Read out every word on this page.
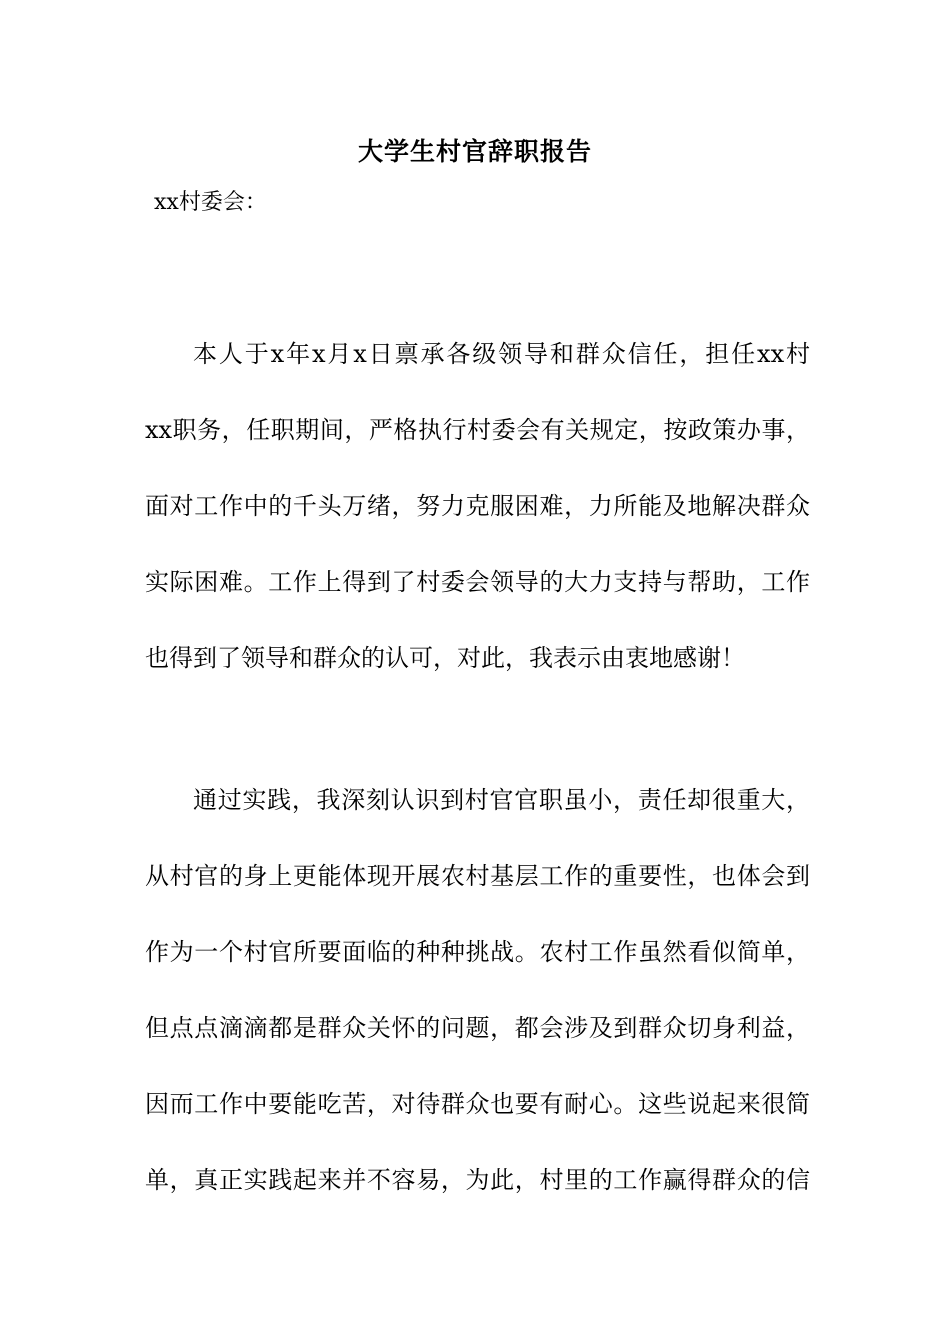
大学生村官辞职报告
xx村委会：
本人于x年x月x日禀承各级领导和群众信任，担任xx村
xx职务，任职期间，严格执行村委会有关规定，按政策办事，
面对工作中的千头万绪，努力克服困难，力所能及地解决群众
实际困难。工作上得到了村委会领导的大力支持与帮助，工作
也得到了领导和群众的认可，对此，我表示由衷地感谢！
通过实践，我深刻认识到村官官职虽小，责任却很重大，
从村官的身上更能体现开展农村基层工作的重要性，也体会到
作为一个村官所要面临的种种挑战。农村工作虽然看似简单，
但点点滴滴都是群众关怀的问题，都会涉及到群众切身利益，
因而工作中要能吃苦，对待群众也要有耐心。这些说起来很简
单，真正实践起来并不容易，为此，村里的工作赢得群众的信
